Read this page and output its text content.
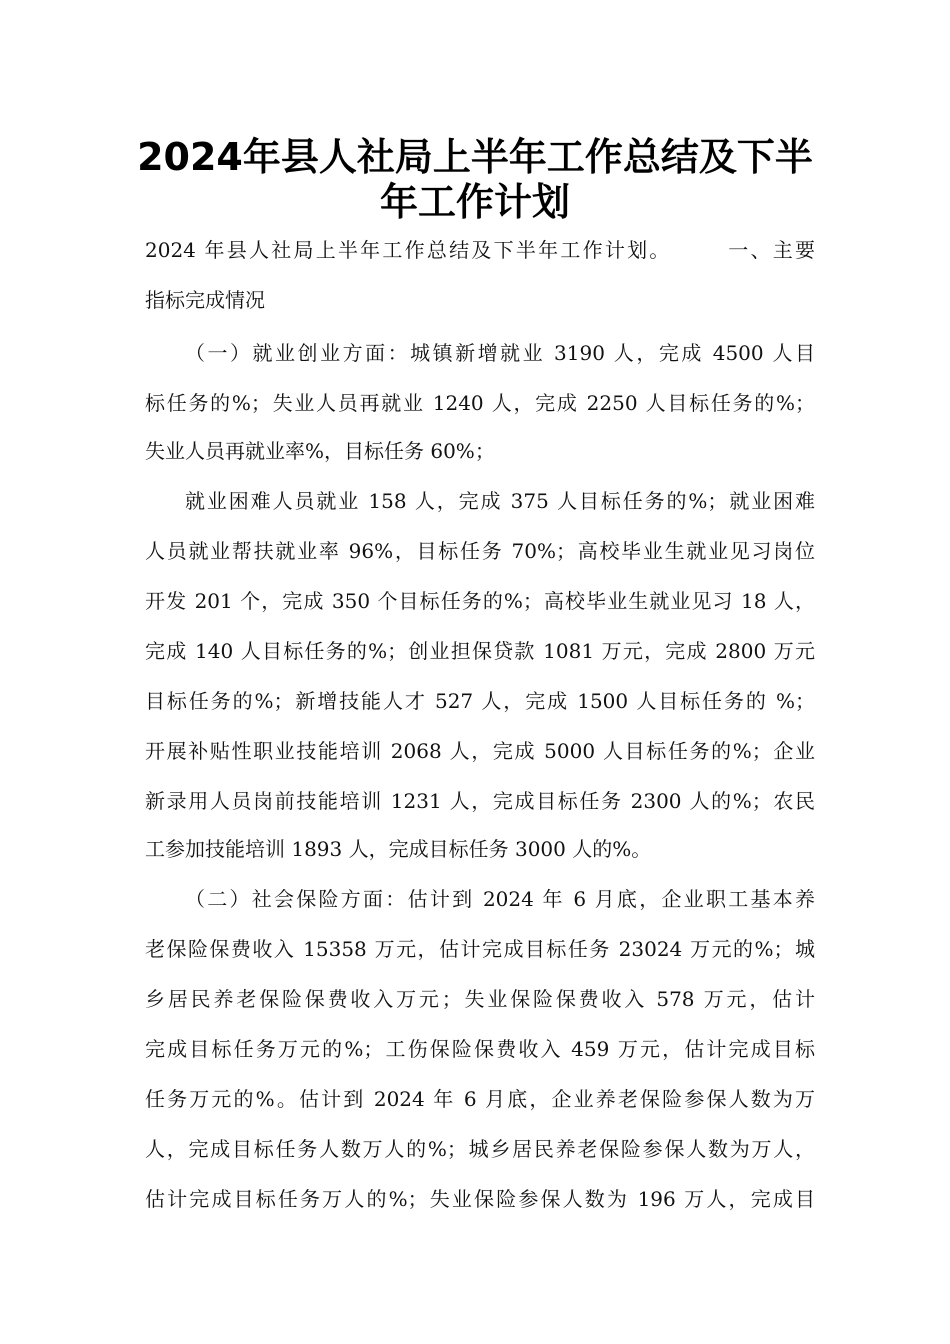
2024年县人社局上半年工作总结及下半
年工作计划
2024 年县人社局上半年工作总结及下半年工作计划。　　　一、主要
指标完成情况
（一）就业创业方面：城镇新增就业 3190 人，完成 4500 人目
标任务的%；失业人员再就业 1240 人，完成 2250 人目标任务的%；
失业人员再就业率%，目标任务 60%；
就业困难人员就业 158 人，完成 375 人目标任务的%；就业困难
人员就业帮扶就业率 96%，目标任务 70%；高校毕业生就业见习岗位
开发 201 个，完成 350 个目标任务的%；高校毕业生就业见习 18 人，
完成 140 人目标任务的%；创业担保贷款 1081 万元，完成 2800 万元
目标任务的%；新增技能人才 527 人，完成 1500 人目标任务的 %；
开展补贴性职业技能培训 2068 人，完成 5000 人目标任务的%；企业
新录用人员岗前技能培训 1231 人，完成目标任务 2300 人的%；农民
工参加技能培训 1893 人，完成目标任务 3000 人的%。
（二）社会保险方面：估计到 2024 年 6 月底，企业职工基本养
老保险保费收入 15358 万元，估计完成目标任务 23024 万元的%；城
乡居民养老保险保费收入万元；失业保险保费收入 578 万元，估计
完成目标任务万元的%；工伤保险保费收入 459 万元，估计完成目标
任务万元的%。估计到 2024 年 6 月底，企业养老保险参保人数为万
人，完成目标任务人数万人的%；城乡居民养老保险参保人数为万人，
估计完成目标任务万人的%；失业保险参保人数为 196 万人，完成目
